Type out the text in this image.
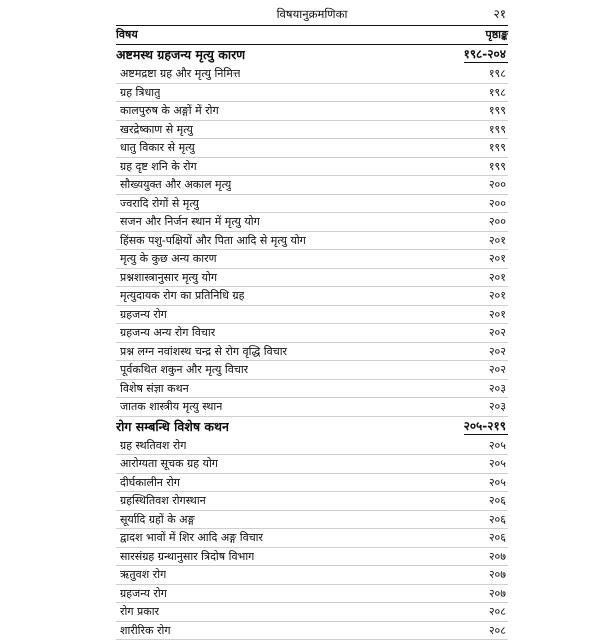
विषयानुक्रमणिका	२१
विषय	पृष्ठाङ्क
अष्टमस्थ ग्रहजन्य मृत्यु कारण	१९८-२०४
अष्टमद्रष्टा ग्रह और मृत्यु निमित्त	१९८
ग्रह त्रिधातु	१९८
कालपुरुष के अङ्गों में रोग	१९९
खरद्रेष्काण से मृत्यु	१९९
धातु विकार से मृत्यु	१९९
ग्रह दृष्ट शनि के रोग	१९९
सौख्ययुक्त और अकाल मृत्यु	२००
ज्वरादि रोगों से मृत्यु	२००
सजन और निर्जन स्थान में मृत्यु योग	२००
हिंसक पशु-पक्षियों और पिता आदि से मृत्यु योग	२०१
मृत्यु के कुछ अन्य कारण	२०१
प्रश्नशास्त्रानुसार मृत्यु योग	२०१
मृत्युदायक रोग का प्रतिनिधि ग्रह	२०१
ग्रहजन्य रोग	२०१
ग्रहजन्य अन्य रोग विचार	२०२
प्रश्न लग्न नवांशस्थ चन्द्र से रोग वृद्धि विचार	२०२
पूर्वकथित शकुन और मृत्यु विचार	२०२
विशेष संज्ञा कथन	२०३
जातक शास्त्रीय मृत्यु स्थान	२०३
रोग सम्बन्धि विशेष कथन	२०५-२१९
ग्रह स्थतिवश रोग	२०५
आरोग्यता सूचक ग्रह योग	२०५
दीर्घकालीन रोग	२०५
ग्रहस्थितिवश रोगस्थान	२०६
सूर्यादि ग्रहों के अङ्ग	२०६
द्वादश भावों में शिर आदि अङ्ग विचार	२०६
सारसंग्रह ग्रन्थानुसार त्रिदोष विभाग	२०७
ऋतुवश रोग	२०७
ग्रहजन्य रोग	२०७
रोग प्रकार	२०८
शारीरिक रोग	२०८
